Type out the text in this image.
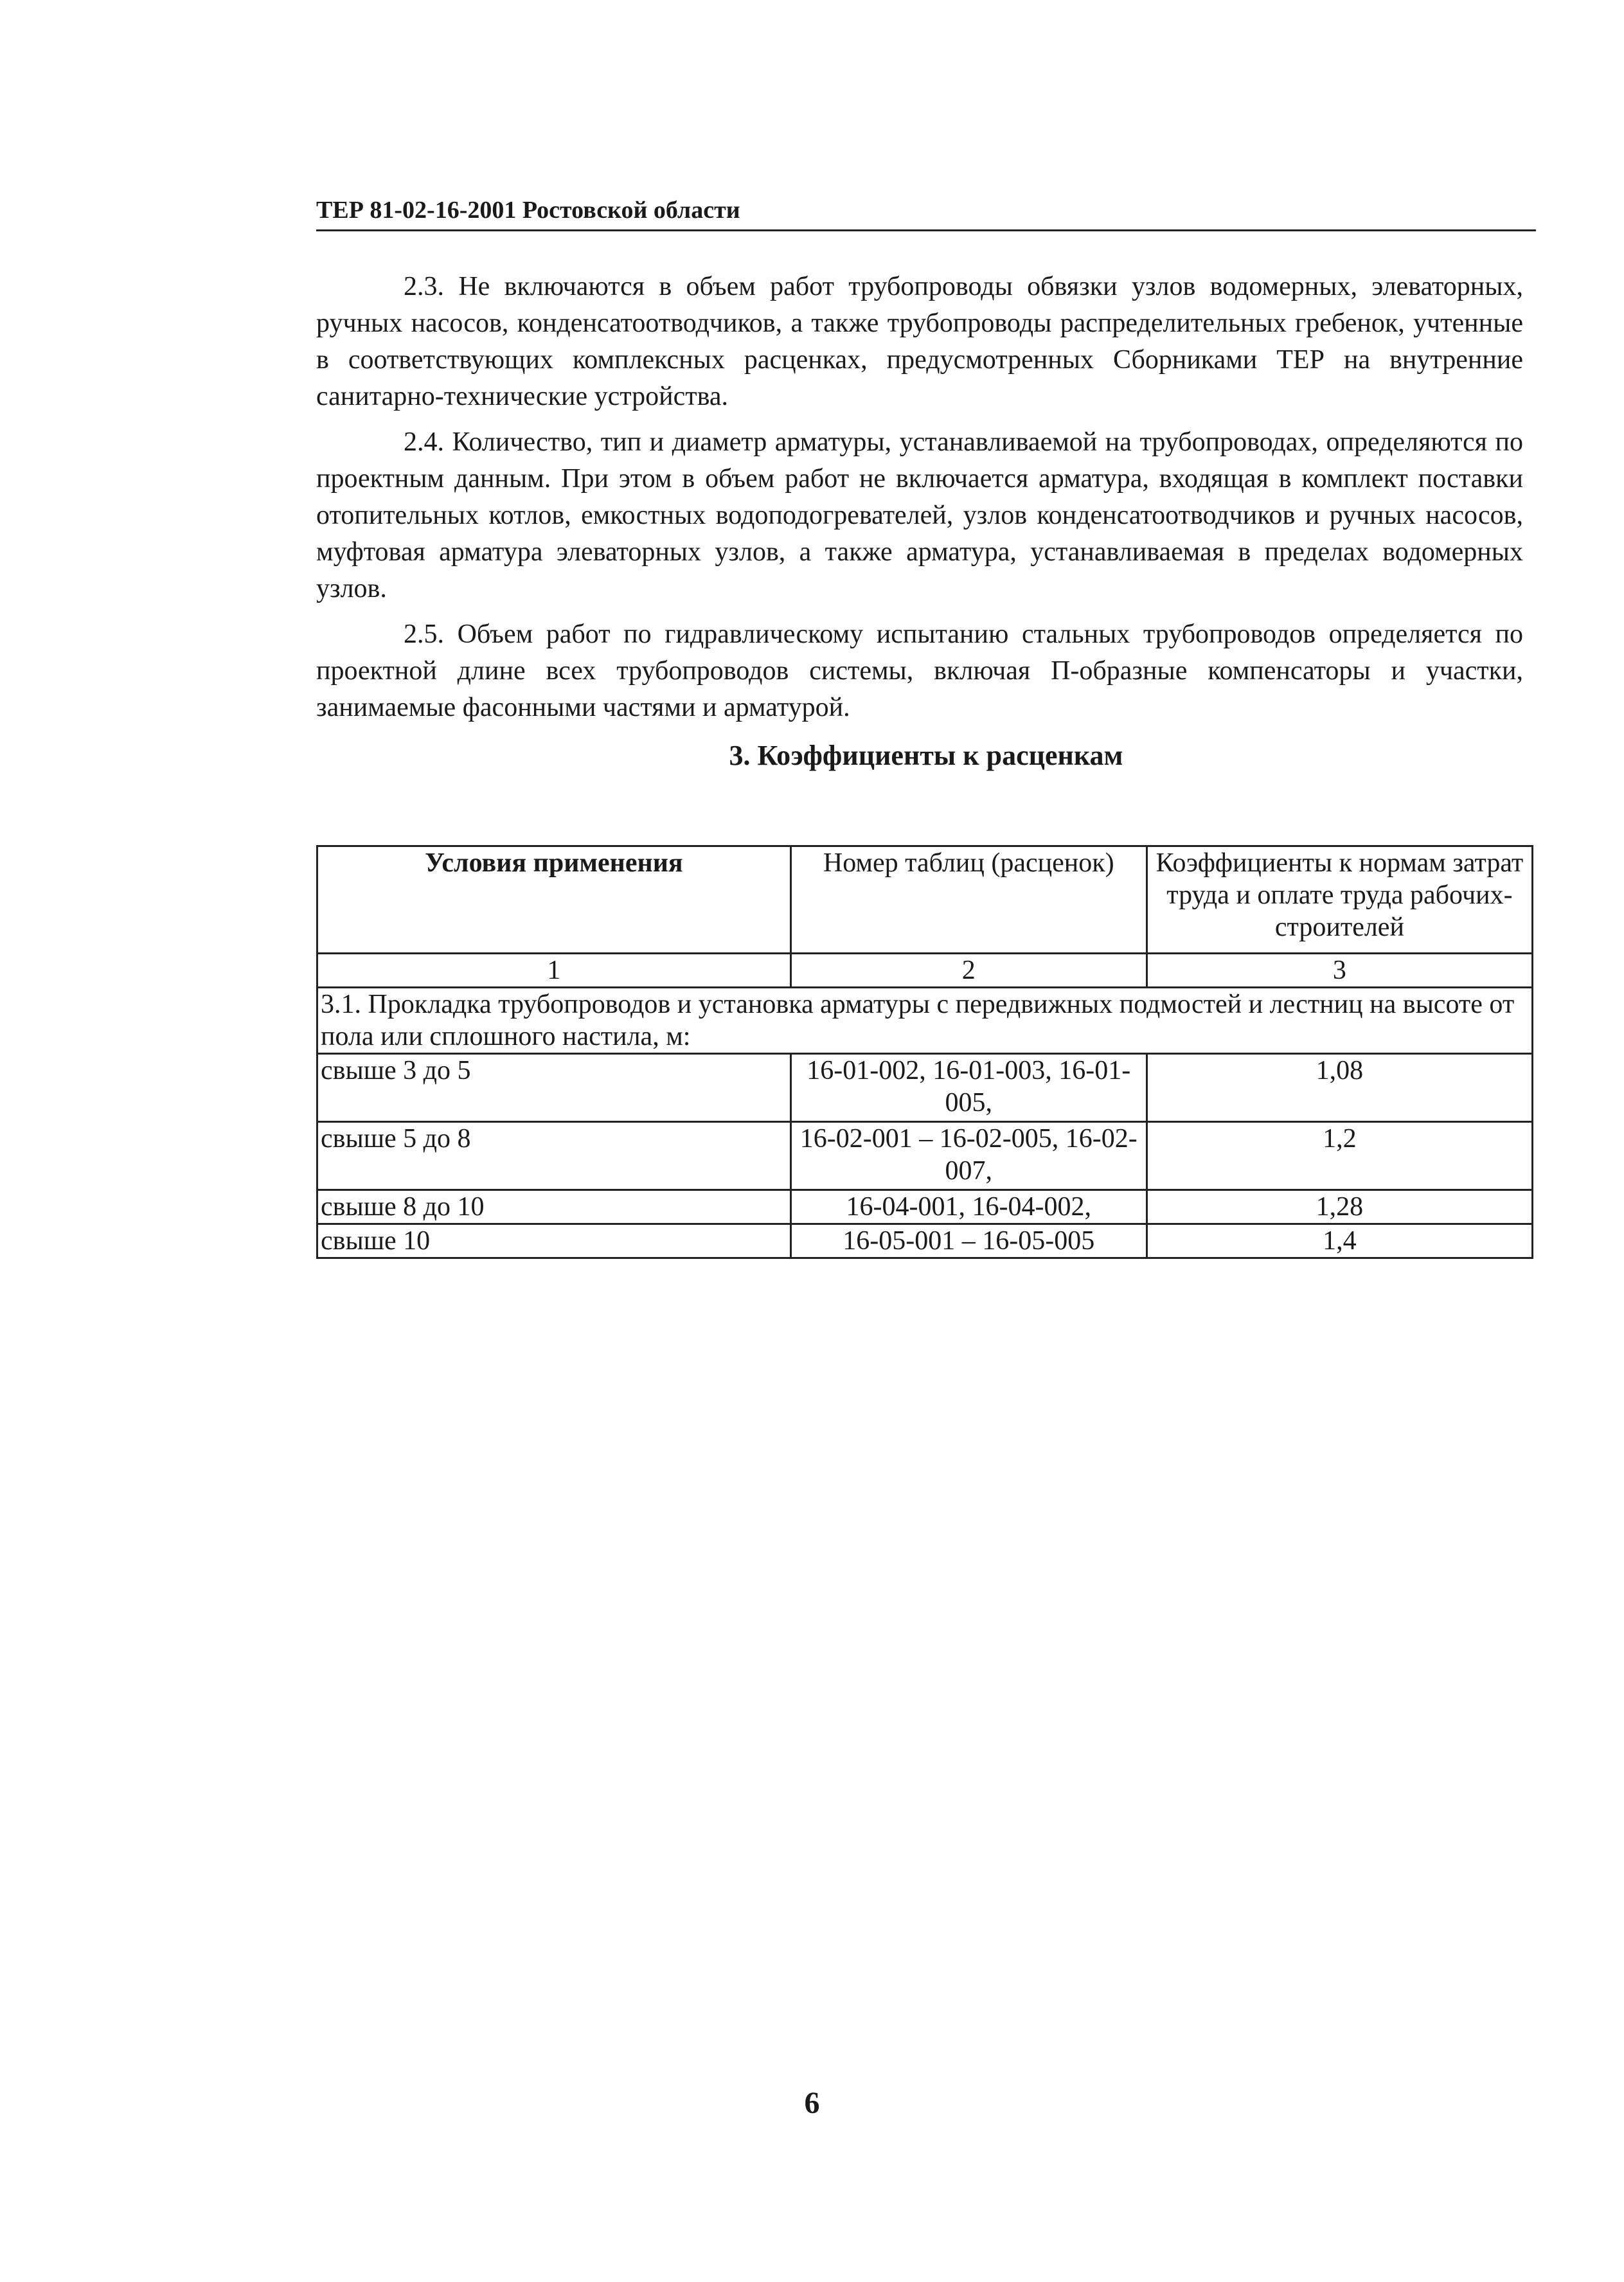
ТЕР 81-02-16-2001 Ростовской области

2.3. Не включаются в объем работ трубопроводы обвязки узлов водомерных, элеваторных, ручных насосов, конденсатоотводчиков, а также трубопроводы распределительных гребенок, учтенные в соответствующих комплексных расценках, предусмотренных Сборниками ТЕР на внутренние санитарно-технические устройства.

2.4. Количество, тип и диаметр арматуры, устанавливаемой на трубопроводах, определяются по проектным данным. При этом в объем работ не включается арматура, входящая в комплект поставки отопительных котлов, емкостных водоподогревателей, узлов конденсатоотводчиков и ручных насосов, муфтовая арматура элеваторных узлов, а также арматура, устанавливаемая в пределах водомерных узлов.

2.5. Объем работ по гидравлическому испытанию стальных трубопроводов определяется по проектной длине всех трубопроводов системы, включая П-образные компенсаторы и участки, занимаемые фасонными частями и арматурой.

3. Коэффициенты к расценкам
Условия применения	Номер таблиц (расценок)	Коэффициенты к нормам затрат труда и оплате труда рабочих-строителей
1	2	3
3.1. Прокладка трубопроводов и установка арматуры с передвижных подмостей и лестниц на высоте от пола или сплошного настила, м:		
свыше 3 до 5	16-01-002, 16-01-003, 16-01-005,	1,08
свыше 5 до 8	16-02-001 – 16-02-005, 16-02-007,	1,2
свыше 8 до 10	16-04-001, 16-04-002,	1,28
свыше 10	16-05-001 – 16-05-005	1,4
6
